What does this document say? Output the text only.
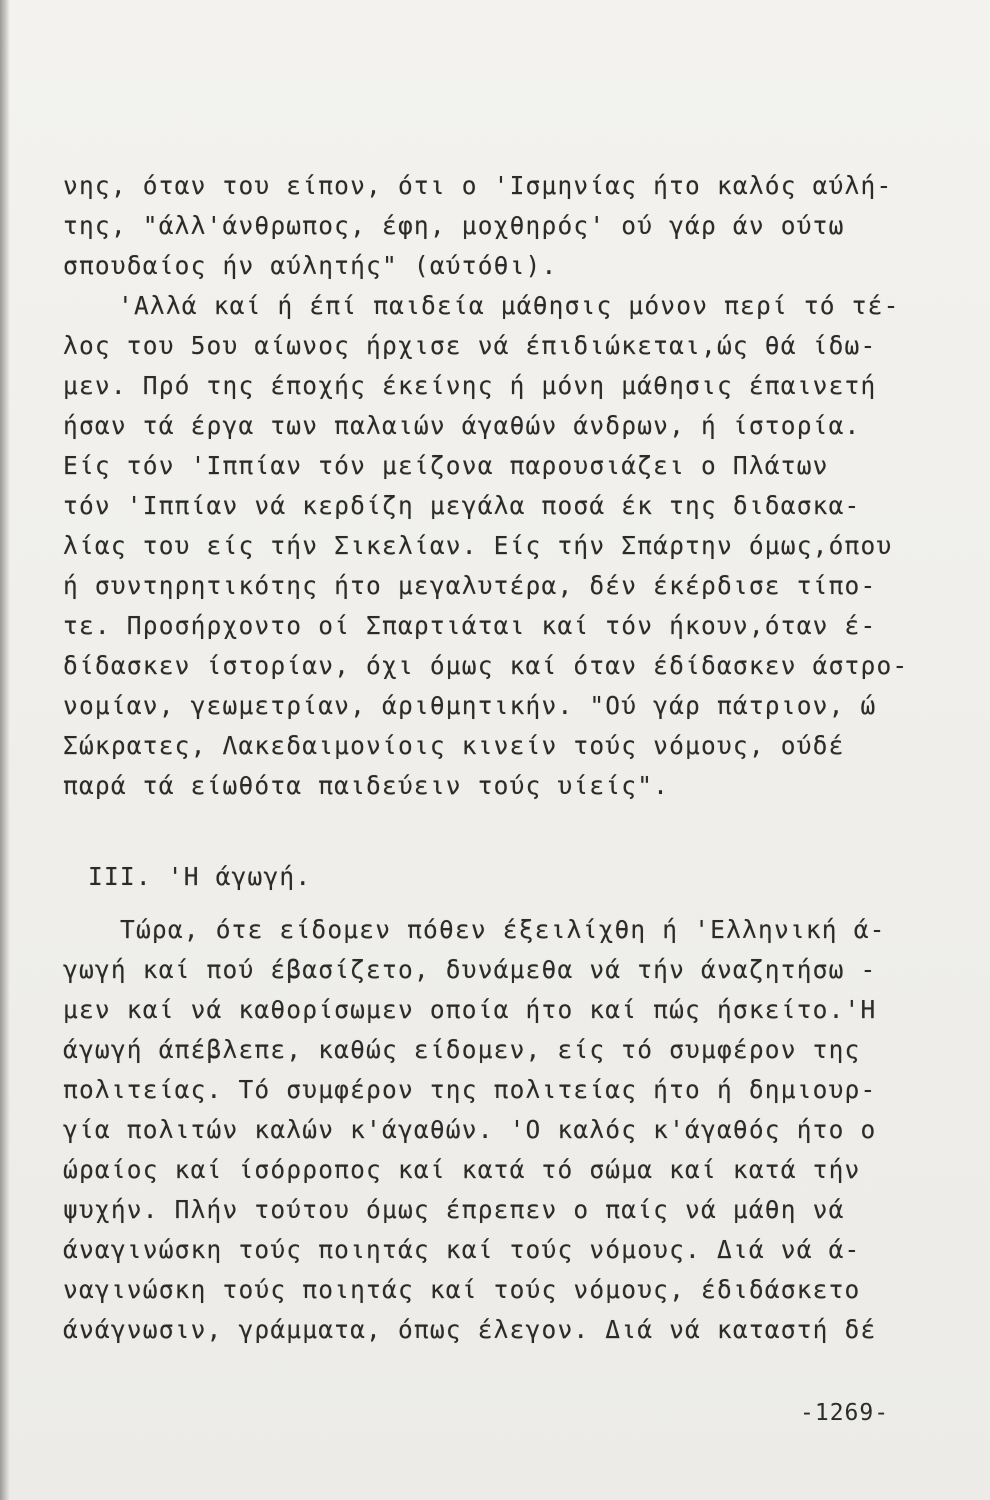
νης, όταν του είπον, ότι ο 'Ισμηνίας ήτο καλός αύλή-
της, "άλλ'άνθρωπος, έφη, μοχθηρός' ού γάρ άν ούτω
σπουδαίος ήν αύλητής" (αύτόθι).
'Αλλά καί ή έπί παιδεία μάθησις μόνον περί τό τέ-
λος του 5ου αίωνος ήρχισε νά έπιδιώκεται,ώς θά ίδω-
μεν. Πρό της έποχής έκείνης ή μόνη μάθησις έπαινετή
ήσαν τά έργα των παλαιών άγαθών άνδρων, ή ίστορία.
Είς τόν 'Ιππίαν τόν μείζονα παρουσιάζει ο Πλάτων
τόν 'Ιππίαν νά κερδίζη μεγάλα ποσά έκ της διδασκα-
λίας του είς τήν Σικελίαν. Είς τήν Σπάρτην όμως,όπου
ή συντηρητικότης ήτο μεγαλυτέρα, δέν έκέρδισε τίπο-
τε. Προσήρχοντο οί Σπαρτιάται καί τόν ήκουν,όταν έ-
δίδασκεν ίστορίαν, όχι όμως καί όταν έδίδασκεν άστρο-
νομίαν, γεωμετρίαν, άριθμητικήν. "Ού γάρ πάτριον, ώ
Σώκρατες, Λακεδαιμονίοις κινείν τούς νόμους, ούδέ
παρά τά είωθότα παιδεύειν τούς υίείς".
III. 'Η άγωγή.
Τώρα, ότε είδομεν πόθεν έξειλίχθη ή 'Ελληνική ά-
γωγή καί πού έβασίζετο, δυνάμεθα νά τήν άναζητήσω -
μεν καί νά καθορίσωμεν οποία ήτο καί πώς ήσκείτο.'Η
άγωγή άπέβλεπε, καθώς είδομεν, είς τό συμφέρον της
πολιτείας. Τό συμφέρον της πολιτείας ήτο ή δημιουρ-
γία πολιτών καλών κ'άγαθών. 'Ο καλός κ'άγαθός ήτο ο
ώραίος καί ίσόρροπος καί κατά τό σώμα καί κατά τήν
ψυχήν. Πλήν τούτου όμως έπρεπεν ο παίς νά μάθη νά
άναγινώσκη τούς ποιητάς καί τούς νόμους. Διά νά ά-
ναγινώσκη τούς ποιητάς καί τούς νόμους, έδιδάσκετο
άνάγνωσιν, γράμματα, όπως έλεγον. Διά νά καταστή δέ
-1269-
